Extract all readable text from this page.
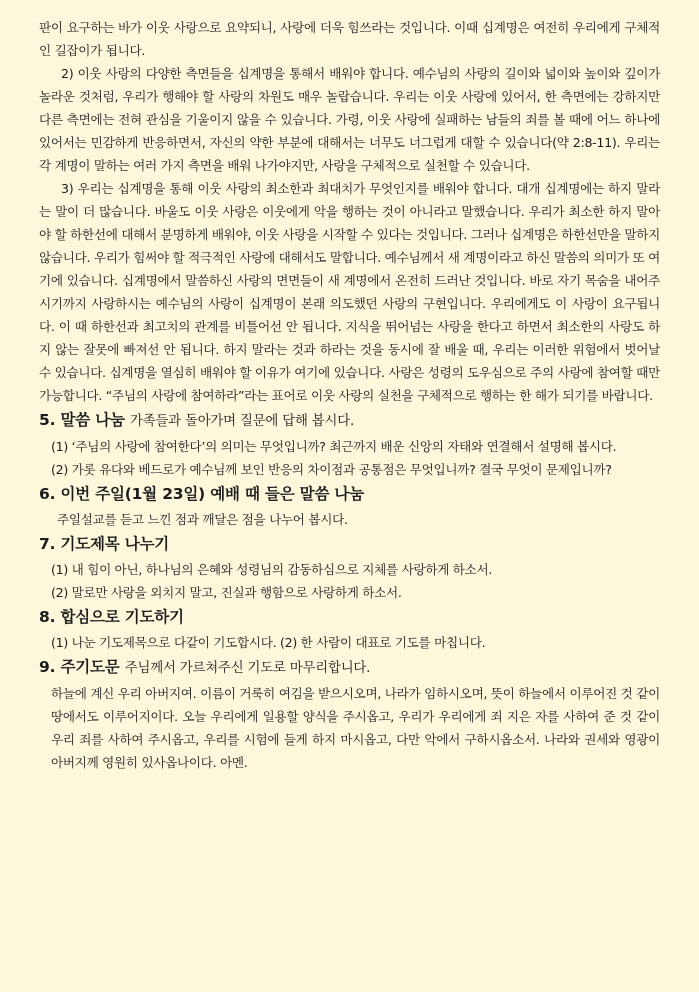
판이 요구하는 바가 이웃 사랑으로 요약되니, 사랑에 더욱 힘쓰라는 것입니다. 이때 십계명은 여전히 우리에게 구체적인 길잡이가 됩니다.

2) 이웃 사랑의 다양한 측면들을 십계명을 통해서 배워야 합니다. 예수님의 사랑의 길이와 넓이와 높이와 깊이가 놀라운 것처럼, 우리가 행해야 할 사랑의 차원도 매우 놀랍습니다. 우리는 이웃 사랑에 있어서, 한 측면에는 강하지만 다른 측면에는 전혀 관심을 기울이지 않을 수 있습니다. 가령, 이웃 사랑에 실패하는 남들의 죄를 볼 때에 어느 하나에 있어서는 민감하게 반응하면서, 자신의 약한 부분에 대해서는 너무도 너그럽게 대할 수 있습니다(약 2:8-11). 우리는 각 계명이 말하는 여러 가지 측면을 배워 나가야지만, 사랑을 구체적으로 실천할 수 있습니다.

3) 우리는 십계명을 통해 이웃 사랑의 최소한과 최대치가 무엇인지를 배워야 합니다. 대개 십계명에는 하지 말라는 말이 더 많습니다. 바울도 이웃 사랑은 이웃에게 악을 행하는 것이 아니라고 말했습니다. 우리가 최소한 하지 말아야 할 하한선에 대해서 분명하게 배워야, 이웃 사랑을 시작할 수 있다는 것입니다. 그러나 십계명은 하한선만을 말하지 않습니다. 우리가 힘써야 할 적극적인 사랑에 대해서도 말합니다. 예수님께서 새 계명이라고 하신 말씀의 의미가 또 여기에 있습니다. 십계명에서 말씀하신 사랑의 면면들이 새 계명에서 온전히 드러난 것입니다. 바로 자기 목숨을 내어주시기까지 사랑하시는 예수님의 사랑이 십계명이 본래 의도했던 사랑의 구현입니다. 우리에게도 이 사랑이 요구됩니다. 이 때 하한선과 최고치의 관계를 비틀어선 안 됩니다. 지식을 뛰어넘는 사랑을 한다고 하면서 최소한의 사랑도 하지 않는 잘못에 빠져선 안 됩니다. 하지 말라는 것과 하라는 것을 동시에 잘 배울 때, 우리는 이러한 위험에서 벗어날 수 있습니다. 십계명을 열심히 배워야 할 이유가 여기에 있습니다. 사랑은 성령의 도우심으로 주의 사랑에 참여할 때만 가능합니다. “주님의 사랑에 참여하라”라는 표어로 이웃 사랑의 실천을 구체적으로 행하는 한 해가 되기를 바랍니다.

5. 말씀 나눔 가족들과 돌아가며 질문에 답해 봅시다.

(1) ‘주님의 사랑에 참여한다’의 의미는 무엇입니까? 최근까지 배운 신앙의 자태와 연결해서 설명해 봅시다.

(2) 가롯 유다와 베드로가 예수님께 보인 반응의 차이점과 공통점은 무엇입니까? 결국 무엇이 문제입니까?

6. 이번 주일(1월 23일) 예배 때 들은 말씀 나눔

주일설교를 듣고 느낀 점과 깨달은 점을 나누어 봅시다.

7. 기도제목 나누기

(1) 내 힘이 아닌, 하나님의 은혜와 성령님의 감동하심으로 지체를 사랑하게 하소서.

(2) 말로만 사랑을 외치지 말고, 진실과 행함으로 사랑하게 하소서.

8. 합심으로 기도하기

(1) 나눈 기도제목으로 다같이 기도합시다. (2) 한 사람이 대표로 기도를 마칩니다.

9. 주기도문 주님께서 가르쳐주신 기도로 마무리합니다.

하늘에 계신 우리 아버지여. 이름이 거룩히 여김을 받으시오며, 나라가 임하시오며, 뜻이 하늘에서 이루어진 것 같이 땅에서도 이루어지이다. 오늘 우리에게 일용할 양식을 주시옵고, 우리가 우리에게 죄 지은 자를 사하여 준 것 같이 우리 죄를 사하여 주시옵고, 우리를 시험에 들게 하지 마시옵고, 다만 악에서 구하시옵소서. 나라와 권세와 영광이 아버지께 영원히 있사옵나이다. 아멘.
